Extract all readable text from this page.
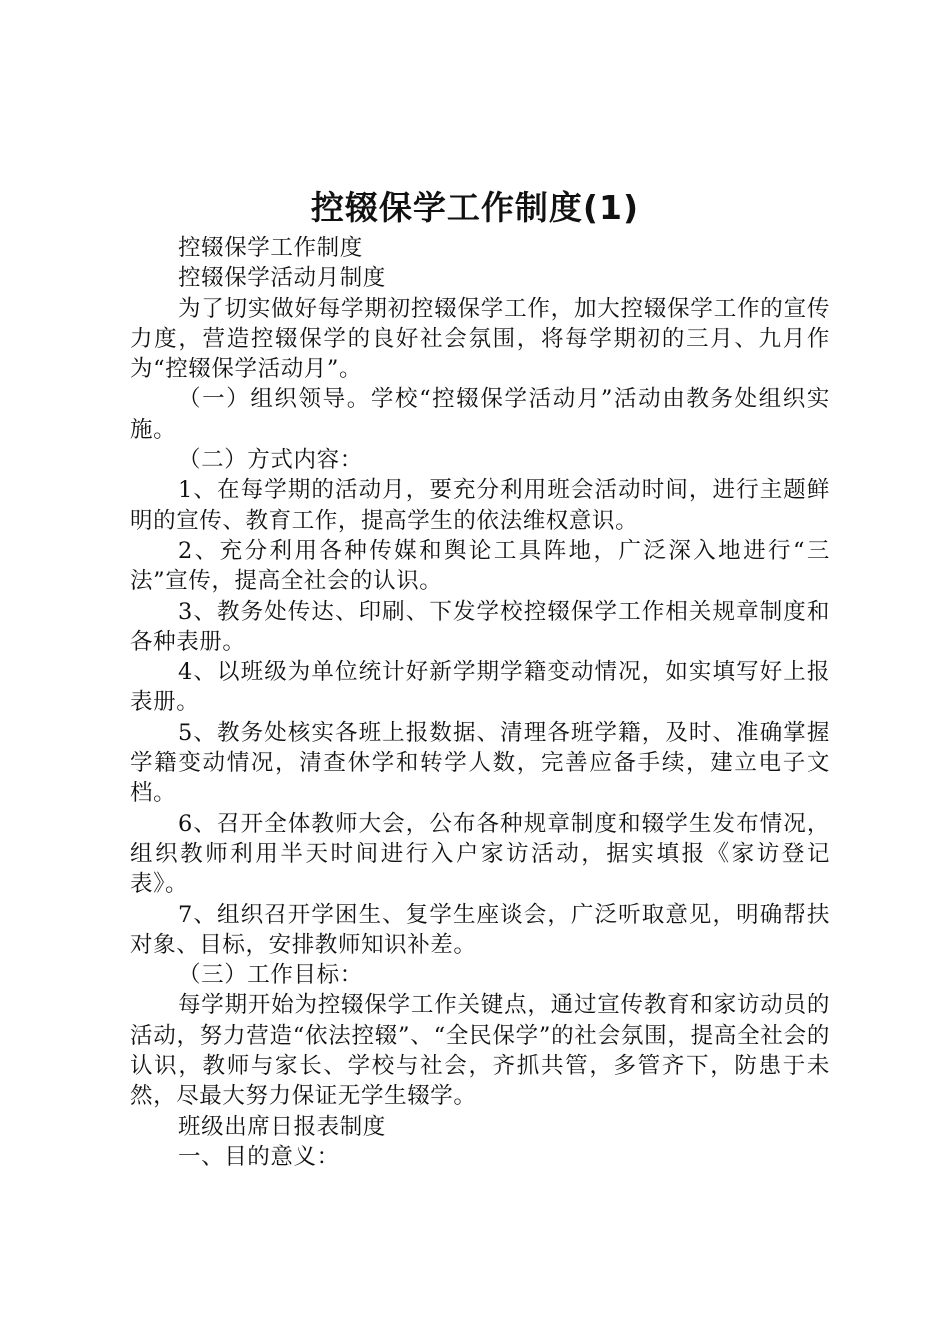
控辍保学工作制度(1)

控辍保学工作制度

控辍保学活动月制度

为了切实做好每学期初控辍保学工作，加大控辍保学工作的宣传力度，营造控辍保学的良好社会氛围，将每学期初的三月、九月作为“控辍保学活动月”。

（一）组织领导。学校“控辍保学活动月”活动由教务处组织实施。

（二）方式内容：

1、在每学期的活动月，要充分利用班会活动时间，进行主题鲜明的宣传、教育工作，提高学生的依法维权意识。

2、充分利用各种传媒和舆论工具阵地，广泛深入地进行“三法”宣传，提高全社会的认识。

3、教务处传达、印刷、下发学校控辍保学工作相关规章制度和各种表册。

4、以班级为单位统计好新学期学籍变动情况，如实填写好上报表册。

5、教务处核实各班上报数据、清理各班学籍，及时、准确掌握学籍变动情况，清查休学和转学人数，完善应备手续，建立电子文档。

6、召开全体教师大会，公布各种规章制度和辍学生发布情况，组织教师利用半天时间进行入户家访活动，据实填报《家访登记表》。

7、组织召开学困生、复学生座谈会，广泛听取意见，明确帮扶对象、目标，安排教师知识补差。

（三）工作目标：

每学期开始为控辍保学工作关键点，通过宣传教育和家访动员的活动，努力营造“依法控辍”、“全民保学”的社会氛围，提高全社会的认识，教师与家长、学校与社会，齐抓共管，多管齐下，防患于未然，尽最大努力保证无学生辍学。

班级出席日报表制度

一、目的意义：
